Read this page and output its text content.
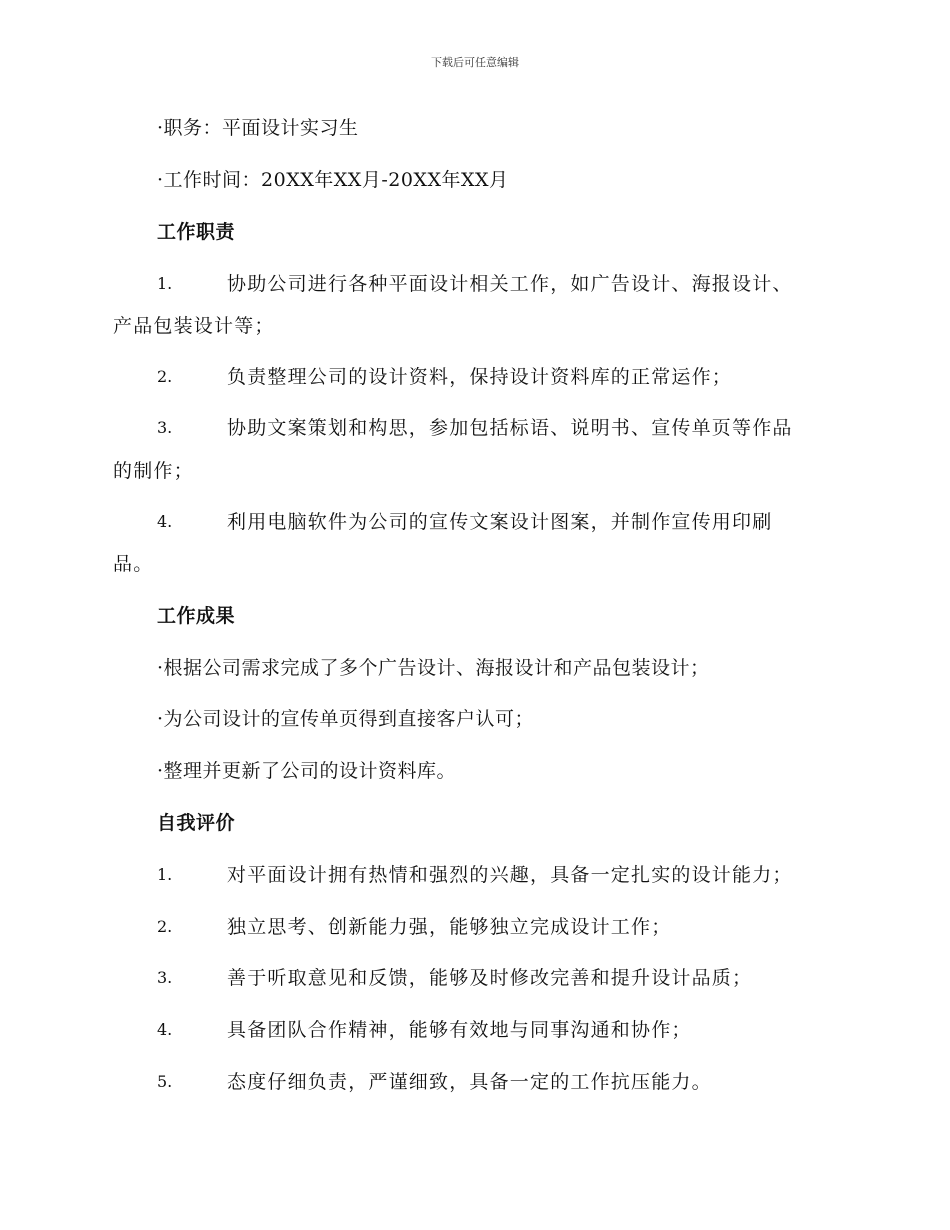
下载后可任意编辑
·职务：平面设计实习生
·工作时间：20XX年XX月-20XX年XX月
工作职责
1.	协助公司进行各种平面设计相关工作，如广告设计、海报设计、
产品包装设计等；
2.	负责整理公司的设计资料，保持设计资料库的正常运作；
3.	协助文案策划和构思，参加包括标语、说明书、宣传单页等作品
的制作；
4.	利用电脑软件为公司的宣传文案设计图案，并制作宣传用印刷
品。
工作成果
·根据公司需求完成了多个广告设计、海报设计和产品包装设计；
·为公司设计的宣传单页得到直接客户认可；
·整理并更新了公司的设计资料库。
自我评价
1.	对平面设计拥有热情和强烈的兴趣，具备一定扎实的设计能力；
2.	独立思考、创新能力强，能够独立完成设计工作；
3.	善于听取意见和反馈，能够及时修改完善和提升设计品质；
4.	具备团队合作精神，能够有效地与同事沟通和协作；
5.	态度仔细负责，严谨细致，具备一定的工作抗压能力。
